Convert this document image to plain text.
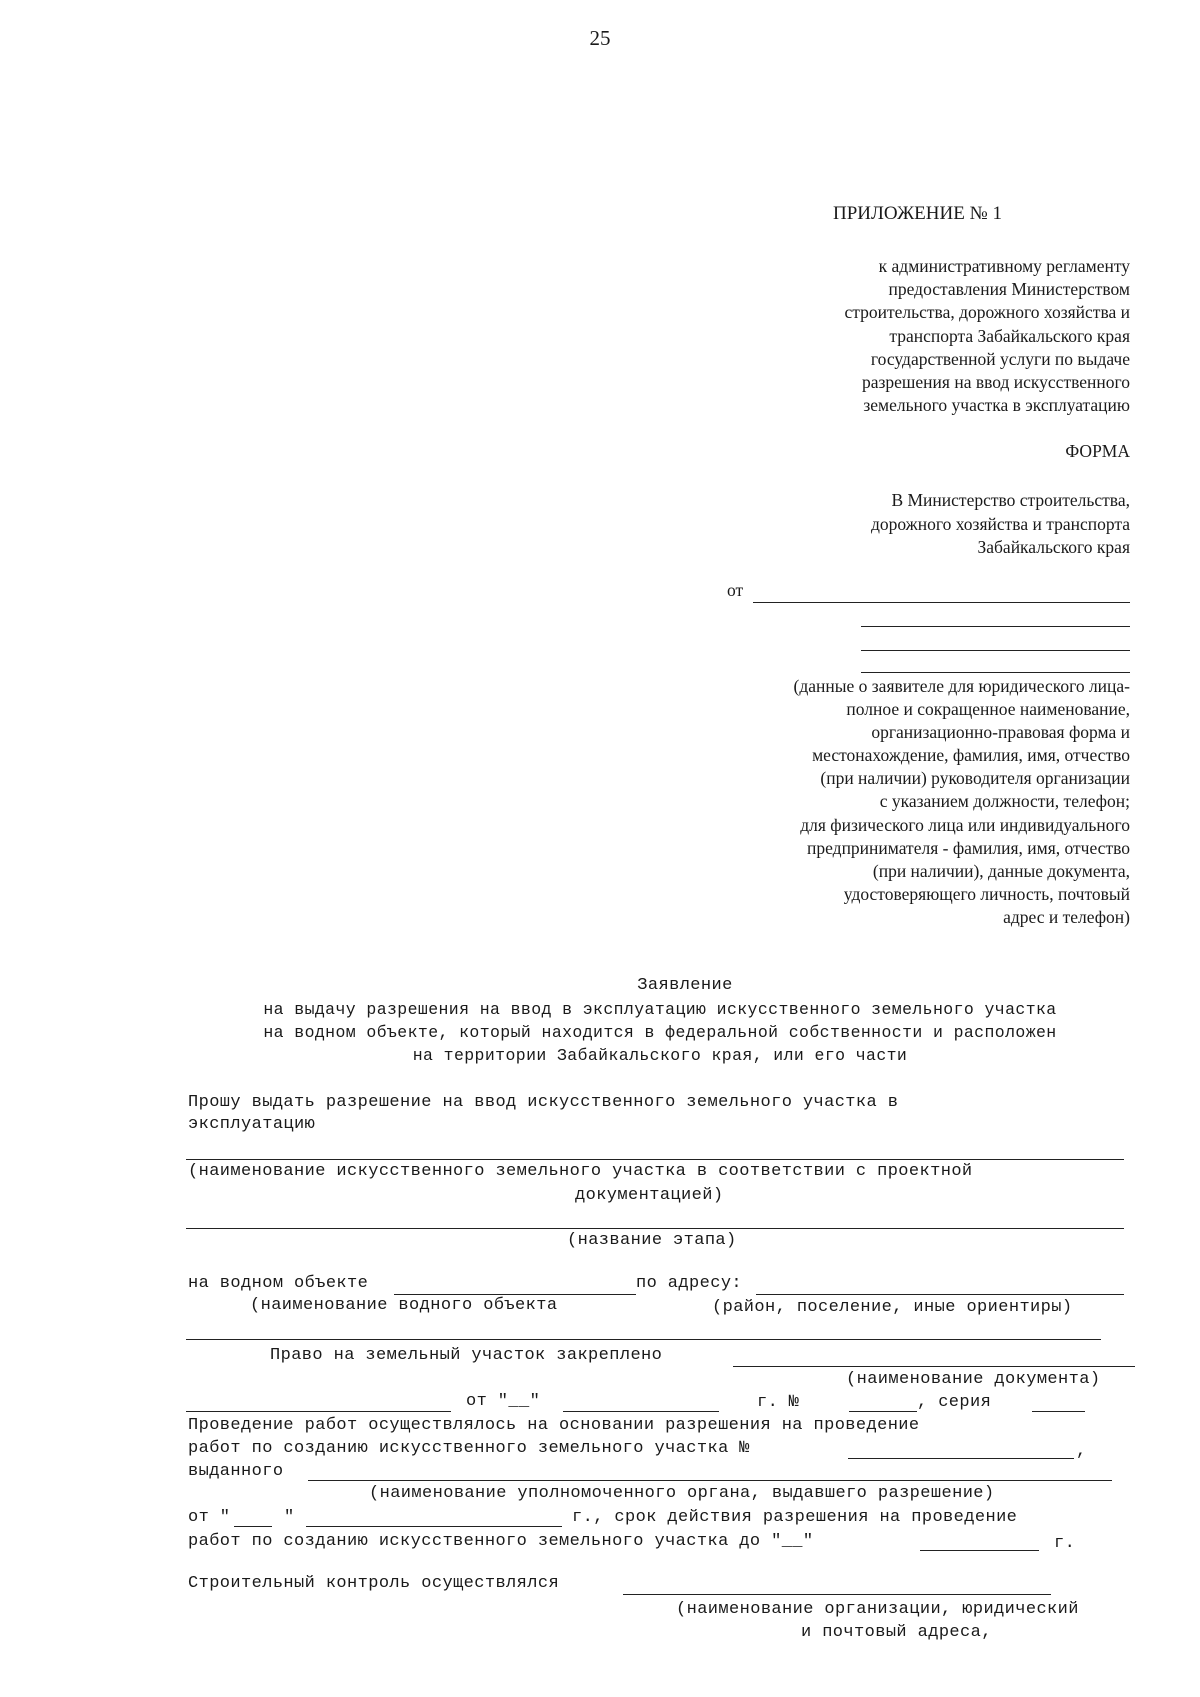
25
ПРИЛОЖЕНИЕ № 1
к административному регламенту
предоставления Министерством
строительства, дорожного хозяйства и
транспорта Забайкальского края
государственной услуги по выдаче
разрешения на ввод искусственного
земельного участка в эксплуатацию
ФОРМА
В Министерство строительства,
дорожного хозяйства и транспорта
Забайкальского края
от
(данные о заявителе для юридического лица-
полное и сокращенное наименование,
организационно-правовая форма и
местонахождение, фамилия, имя, отчество
(при наличии) руководителя организации
с указанием должности, телефон;
для физического лица или индивидуального
предпринимателя - фамилия, имя, отчество
(при наличии), данные документа,
удостоверяющего личность, почтовый
адрес и телефон)
Заявление
на выдачу разрешения на ввод в эксплуатацию искусственного земельного участка
на водном объекте, который находится в федеральной собственности и расположен
на территории Забайкальского края, или его части
Прошу выдать разрешение на ввод искусственного земельного участка в
эксплуатацию
(наименование искусственного земельного участка в соответствии с проектной
документацией)
(название этапа)
на водном объекте	по адресу:
(наименование водного объекта	(район, поселение, иные ориентиры)
Право на земельный участок закреплено
(наименование документа)
от "__"	г. №	, серия
Проведение работ осуществлялось на основании разрешения на проведение
работ по созданию искусственного земельного участка №	,
выданного
(наименование уполномоченного органа, выдавшего разрешение)
от "	"	г., срок действия разрешения на проведение
работ по созданию искусственного земельного участка до "__"	г.
Строительный контроль осуществлялся
(наименование организации, юридический
и почтовый адреса,
